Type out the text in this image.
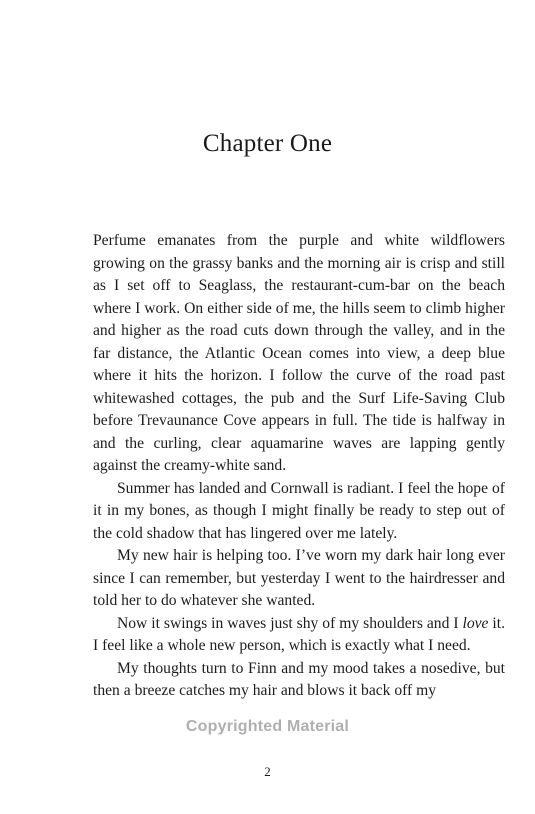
Chapter One

Perfume emanates from the purple and white wildflowers growing on the grassy banks and the morning air is crisp and still as I set off to Seaglass, the restaurant-cum-bar on the beach where I work. On either side of me, the hills seem to climb higher and higher as the road cuts down through the valley, and in the far distance, the Atlantic Ocean comes into view, a deep blue where it hits the horizon. I follow the curve of the road past whitewashed cottages, the pub and the Surf Life-Saving Club before Trevaunance Cove appears in full. The tide is halfway in and the curling, clear aquamarine waves are lapping gently against the creamy-white sand.

Summer has landed and Cornwall is radiant. I feel the hope of it in my bones, as though I might finally be ready to step out of the cold shadow that has lingered over me lately.

My new hair is helping too. I’ve worn my dark hair long ever since I can remember, but yesterday I went to the hairdresser and told her to do whatever she wanted.

Now it swings in waves just shy of my shoulders and I love it. I feel like a whole new person, which is exactly what I need.

My thoughts turn to Finn and my mood takes a nosedive, but then a breeze catches my hair and blows it back off my

Copyrighted Material
2
